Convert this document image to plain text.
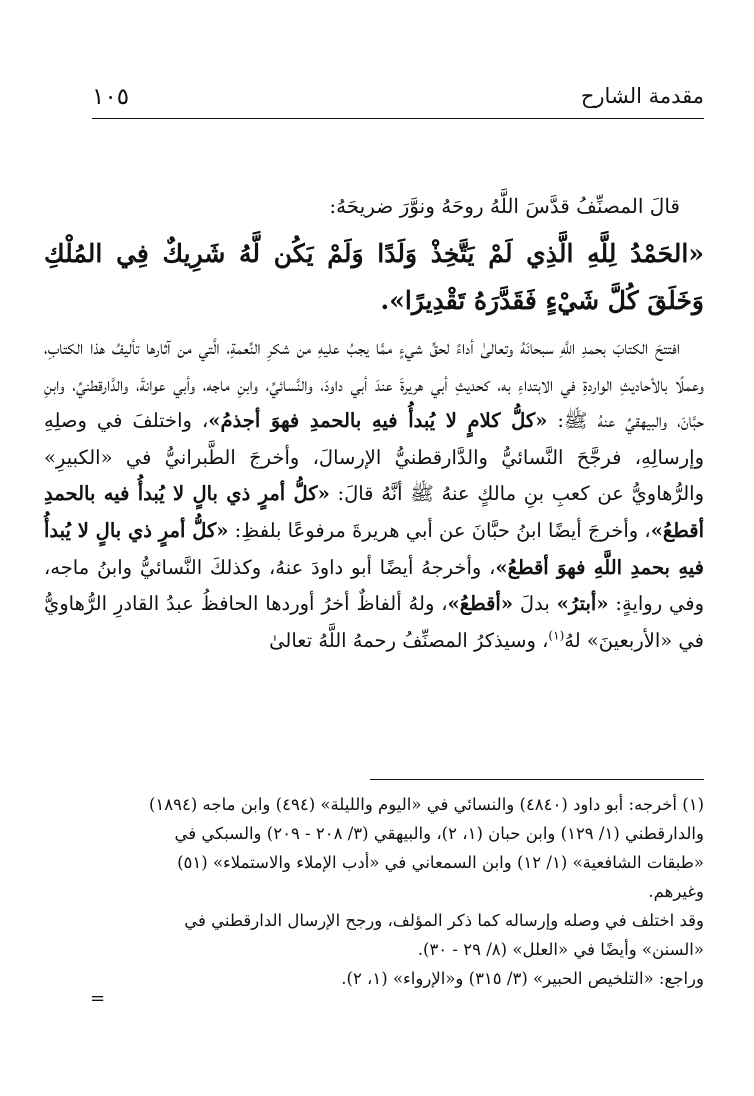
مقدمة الشارح
١٠٥

قالَ المصنِّفُ قدَّسَ اللَّهُ روحَهُ ونوَّرَ ضريحَهُ:

«الحَمْدُ لِلَّهِ الَّذِي لَمْ يَتَّخِذْ وَلَدًا وَلَمْ يَكُن لَّهُ شَرِيكٌ فِي المُلْكِ وَخَلَقَ كُلَّ شَيْءٍ فَقَدَّرَهُ تَقْدِيرًا».

افتتحَ الكتابَ بحمدِ اللَّهِ سبحانَهُ وتعالىٰ أداءً لحقِّ شيءٍ ممَّا يجبُ عليهِ من شكرِ النِّعمةِ، الَّتي من آثارها تأليفُ هذا الكتابِ، وعملًا بالأحاديثِ الواردةِ في الابتداءِ به، كحديثِ أبي هريرةَ عندَ أبي داودَ، والنَّسائيِّ، وابنِ ماجه، وأبي عوانةَ، والدَّارقطنيِّ، وابنِ حبَّانَ، والبيهقيِّ عنهُ ﷺ: «كلُّ كلامٍ لا يُبدأُ فيهِ بالحمدِ فهوَ أجذمُ»، واختلفَ في وصلِهِ وإرسالِهِ، فرجَّحَ النَّسائيُّ والدَّارقطنيُّ الإرسالَ، وأخرجَ الطَّبرانيُّ في «الكبيرِ» والرُّهاويُّ عن كعبِ بنِ مالكٍ عنهُ ﷺ أنَّهُ قالَ: «كلُّ أمرٍ ذي بالٍ لا يُبدأُ فيه بالحمدِ أقطعُ»، وأخرجَ أيضًا ابنُ حبَّانَ عن أبي هريرةَ مرفوعًا بلفظِ: «كلُّ أمرٍ ذي بالٍ لا يُبدأُ فيهِ بحمدِ اللَّهِ فهوَ أقطعُ»، وأخرجهُ أيضًا أبو داودَ عنهُ، وكذلكَ النَّسائيُّ وابنُ ماجه، وفي روايةٍ: «أبترُ» بدلَ «أقطعُ»، ولهُ ألفاظٌ أخرُ أوردها الحافظُ عبدُ القادرِ الرُّهاويُّ في «الأربعينَ» لهُ$^{(١)}$، وسيذكرُ المصنِّفُ رحمهُ اللَّهُ تعالىٰ

(١) أخرجه: أبو داود (٤٨٤٠) والنسائي في «اليوم والليلة» (٤٩٤) وابن ماجه (١٨٩٤)

والدارقطني (١/ ١٢٩) وابن حبان (١، ٢)، والبيهقي (٣/ ٢٠٨ - ٢٠٩) والسبكي في

«طبقات الشافعية» (١/ ١٢) وابن السمعاني في «أدب الإملاء والاستملاء» (٥١)

وغيرهم.

وقد اختلف في وصله وإرساله كما ذكر المؤلف، ورجح الإرسال الدارقطني في

«السنن» وأيضًا في «العلل» (٨/ ٢٩ - ٣٠).

وراجع: «التلخيص الحبير» (٣/ ٣١٥) و«الإرواء» (١، ٢).

=
